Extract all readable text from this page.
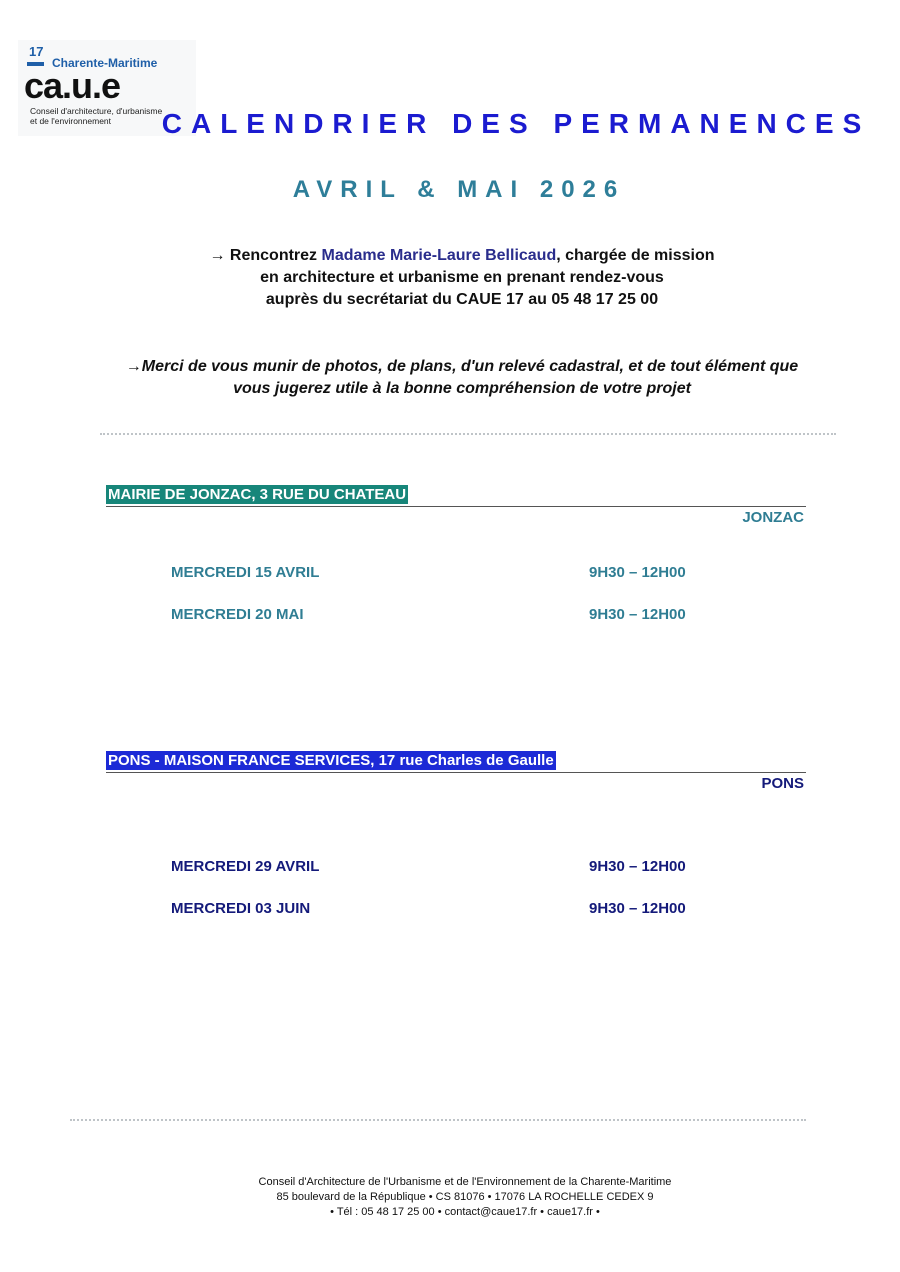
17
Charente-Maritime
ca.u.e
Conseil d'architecture, d'urbanisme
et de l'environnement	CALENDRIER DES PERMANENCES
AVRIL & MAI 2026
→ Rencontrez Madame Marie-Laure Bellicaud, chargée de mission
en architecture et urbanisme en prenant rendez-vous
auprès du secrétariat du CAUE 17 au 05 48 17 25 00
→Merci de vous munir de photos, de plans, d'un relevé cadastral, et de tout élément que
vous jugerez utile à la bonne compréhension de votre projet
MAIRIE DE JONZAC, 3 RUE DU CHATEAU
JONZAC
MERCREDI 15 AVRIL	9H30 – 12H00
MERCREDI 20 MAI	9H30 – 12H00
PONS - MAISON FRANCE SERVICES, 17 rue Charles de Gaulle
PONS
MERCREDI 29 AVRIL	9H30 – 12H00
MERCREDI 03 JUIN	9H30 – 12H00
Conseil d'Architecture de l'Urbanisme et de l'Environnement de la Charente-Maritime
85 boulevard de la République • CS 81076 • 17076 LA ROCHELLE CEDEX 9
• Tél : 05 48 17 25 00 • contact@caue17.fr • caue17.fr •
